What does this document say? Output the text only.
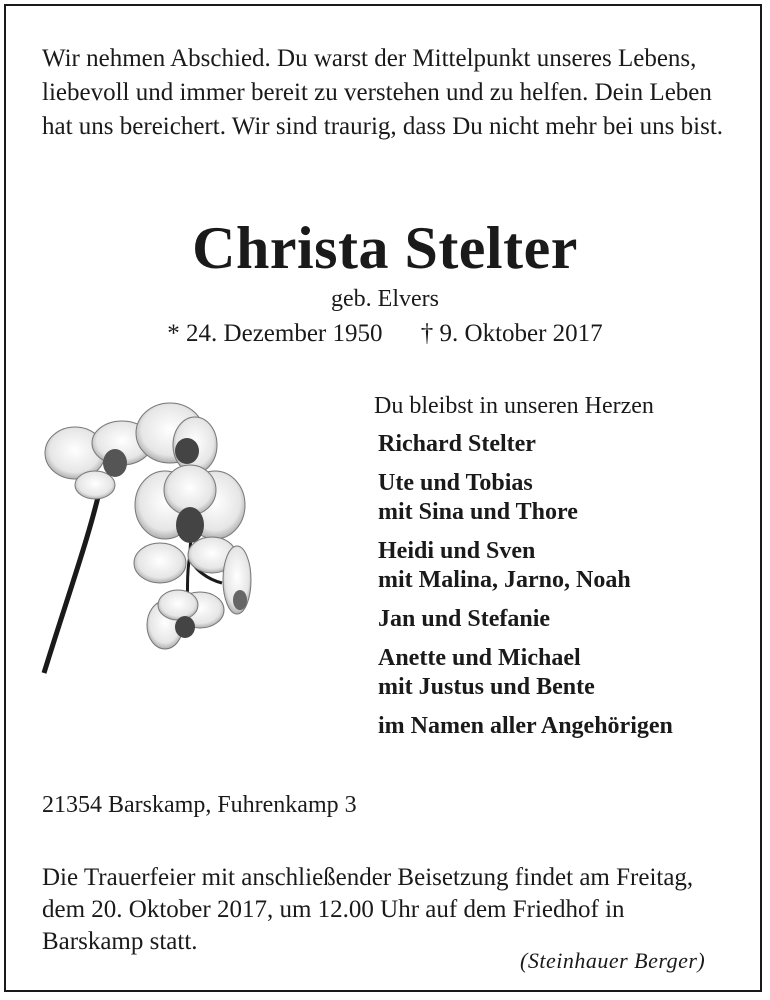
Wir nehmen Abschied. Du warst der Mittelpunkt unseres Lebens, liebevoll und immer bereit zu verstehen und zu helfen. Dein Leben hat uns bereichert. Wir sind traurig, dass Du nicht mehr bei uns bist.

Christa Stelter
geb. Elvers
* 24. Dezember 1950 † 9. Oktober 2017
Du bleibst in unseren Herzen
Richard Stelter
Ute und Tobias
mit Sina und Thore
Heidi und Sven
mit Malina, Jarno, Noah
Jan und Stefanie
Anette und Michael
mit Justus und Bente
im Namen aller Angehörigen
21354 Barskamp, Fuhrenkamp 3

Die Trauerfeier mit anschließender Beisetzung findet am Freitag, dem 20. Oktober 2017, um 12.00 Uhr auf dem Friedhof in Barskamp statt.

(Steinhauer Berger)
